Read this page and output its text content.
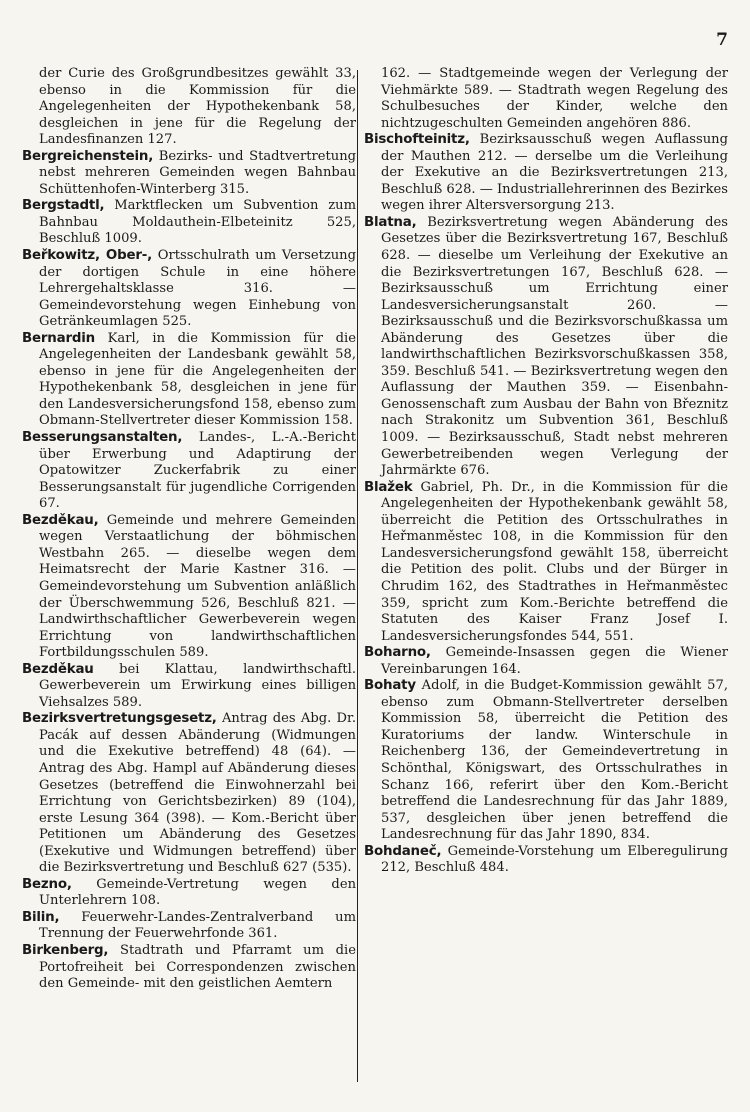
7
der Curie des Großgrundbesitzes gewählt 33, ebenso in die Kommission für die Angelegenheiten der Hypothekenbank 58, desgleichen in jene für die Regelung der Landesfinanzen 127.
Bergreichenstein, Bezirks- und Stadtvertretung nebst mehreren Gemeinden wegen Bahnbau Schüttenhofen-Winterberg 315.
Bergstadtl, Marktflecken um Subvention zum Bahnbau Moldauthein-Elbeteinitz 525, Beschluß 1009.
Beřkowitz, Ober-, Ortsschulrath um Versetzung der dortigen Schule in eine höhere Lehrergehaltsklasse 316. — Gemeindevorstehung wegen Einhebung von Getränkeumlagen 525.
Bernardin Karl, in die Kommission für die Angelegenheiten der Landesbank gewählt 58, ebenso in jene für die Angelegenheiten der Hypothekenbank 58, desgleichen in jene für den Landesversicherungsfond 158, ebenso zum Obmann-Stellvertreter dieser Kommission 158.
Besserungsanstalten, Landes-, L.-A.-Bericht über Erwerbung und Adaptirung der Opatowitzer Zuckerfabrik zu einer Besserungsanstalt für jugendliche Corrigenden 67.
Bezděkau, Gemeinde und mehrere Gemeinden wegen Verstaatlichung der böhmischen Westbahn 265. — dieselbe wegen dem Heimatsrecht der Marie Kastner 316. — Gemeindevorstehung um Subvention anläßlich der Überschwemmung 526, Beschluß 821. — Landwirthschaftlicher Gewerbeverein wegen Errichtung von landwirthschaftlichen Fortbildungsschulen 589.
Bezděkau bei Klattau, landwirthschaftl. Gewerbeverein um Erwirkung eines billigen Viehsalzes 589.
Bezirksvertretungsgesetz, Antrag des Abg. Dr. Pacák auf dessen Abänderung (Widmungen und die Exekutive betreffend) 48 (64). — Antrag des Abg. Hampl auf Abänderung dieses Gesetzes (betreffend die Einwohnerzahl bei Errichtung von Gerichtsbezirken) 89 (104), erste Lesung 364 (398). — Kom.-Bericht über Petitionen um Abänderung des Gesetzes (Exekutive und Widmungen betreffend) über die Bezirksvertretung und Beschluß 627 (535).
Bezno, Gemeinde-Vertretung wegen den Unterlehrern 108.
Bilin, Feuerwehr-Landes-Zentralverband um Trennung der Feuerwehrfonde 361.
Birkenberg, Stadtrath und Pfarramt um die Portofreiheit bei Correspondenzen zwischen den Gemeinde- mit den geistlichen Aemtern
162. — Stadtgemeinde wegen der Verlegung der Viehmärkte 589. — Stadtrath wegen Regelung des Schulbesuches der Kinder, welche den nichtzugeschulten Gemeinden angehören 886.
Bischofteinitz, Bezirksausschuß wegen Auflassung der Mauthen 212. — derselbe um die Verleihung der Exekutive an die Bezirksvertretungen 213, Beschluß 628. — Industriallehrerinnen des Bezirkes wegen ihrer Altersversorgung 213.
Blatna, Bezirksvertretung wegen Abänderung des Gesetzes über die Bezirksvertretung 167, Beschluß 628. — dieselbe um Verleihung der Exekutive an die Bezirksvertretungen 167, Beschluß 628. — Bezirksausschuß um Errichtung einer Landesversicherungsanstalt 260. — Bezirksausschuß und die Bezirksvorschußkassa um Abänderung des Gesetzes über die landwirthschaftlichen Bezirksvorschußkassen 358, 359. Beschluß 541. — Bezirksvertretung wegen den Auflassung der Mauthen 359. — Eisenbahn-Genossenschaft zum Ausbau der Bahn von Březnitz nach Strakonitz um Subvention 361, Beschluß 1009. — Bezirksausschuß, Stadt nebst mehreren Gewerbetreibenden wegen Verlegung der Jahrmärkte 676.
Blažek Gabriel, Ph. Dr., in die Kommission für die Angelegenheiten der Hypothekenbank gewählt 58, überreicht die Petition des Ortsschulrathes in Heřmanměstec 108, in die Kommission für den Landesversicherungsfond gewählt 158, überreicht die Petition des polit. Clubs und der Bürger in Chrudim 162, des Stadtrathes in Heřmanměstec 359, spricht zum Kom.-Berichte betreffend die Statuten des Kaiser Franz Josef I. Landesversicherungsfondes 544, 551.
Boharno, Gemeinde-Insassen gegen die Wiener Vereinbarungen 164.
Bohaty Adolf, in die Budget-Kommission gewählt 57, ebenso zum Obmann-Stellvertreter derselben Kommission 58, überreicht die Petition des Kuratoriums der landw. Winterschule in Reichenberg 136, der Gemeindevertretung in Schönthal, Königswart, des Ortsschulrathes in Schanz 166, referirt über den Kom.-Bericht betreffend die Landesrechnung für das Jahr 1889, 537, desgleichen über jenen betreffend die Landesrechnung für das Jahr 1890, 834.
Bohdaneč, Gemeinde-Vorstehung um Elberegulirung 212, Beschluß 484.
